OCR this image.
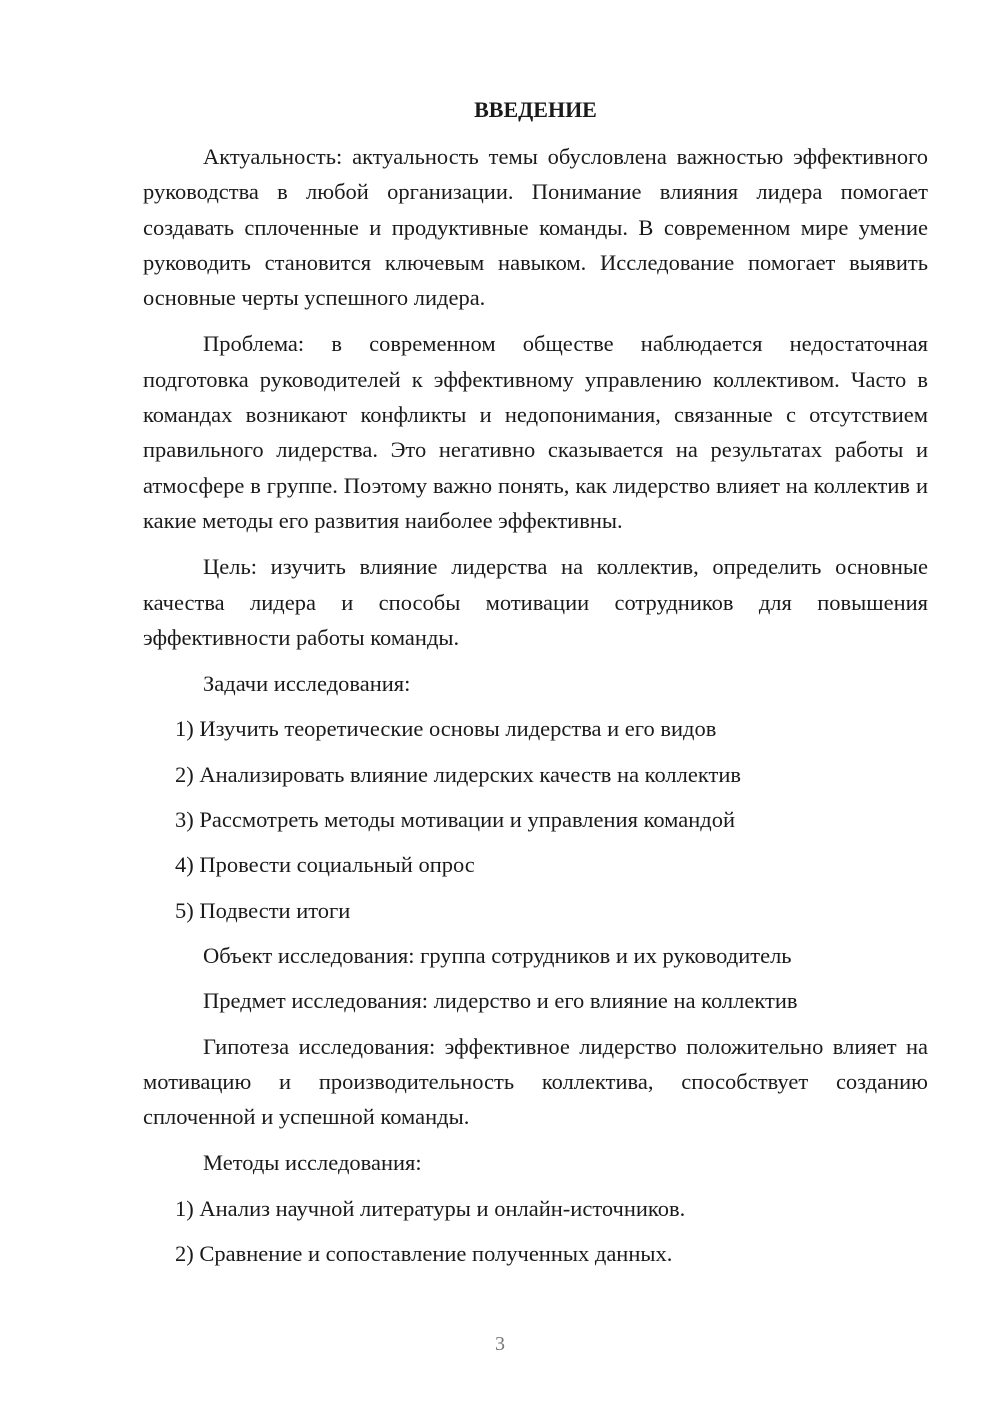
ВВЕДЕНИЕ

Актуальность: актуальность темы обусловлена важностью эффективного руководства в любой организации. Понимание влияния лидера помогает создавать сплоченные и продуктивные команды. В современном мире умение руководить становится ключевым навыком. Исследование помогает выявить основные черты успешного лидера.

Проблема: в современном обществе наблюдается недостаточная подготовка руководителей к эффективному управлению коллективом. Часто в командах возникают конфликты и недопонимания, связанные с отсутствием правильного лидерства. Это негативно сказывается на результатах работы и атмосфере в группе. Поэтому важно понять, как лидерство влияет на коллектив и какие методы его развития наиболее эффективны.

Цель: изучить влияние лидерства на коллектив, определить основные качества лидера и способы мотивации сотрудников для повышения эффективности работы команды.

Задачи исследования:

1) Изучить теоретические основы лидерства и его видов

2) Анализировать влияние лидерских качеств на коллектив

3) Рассмотреть методы мотивации и управления командой

4) Провести социальный опрос

5) Подвести итоги

Объект исследования: группа сотрудников и их руководитель

Предмет исследования: лидерство и его влияние на коллектив

Гипотеза исследования: эффективное лидерство положительно влияет на мотивацию и производительность коллектива, способствует созданию сплоченной и успешной команды.

Методы исследования:

1) Анализ научной литературы и онлайн-источников.

2) Сравнение и сопоставление полученных данных.

3
